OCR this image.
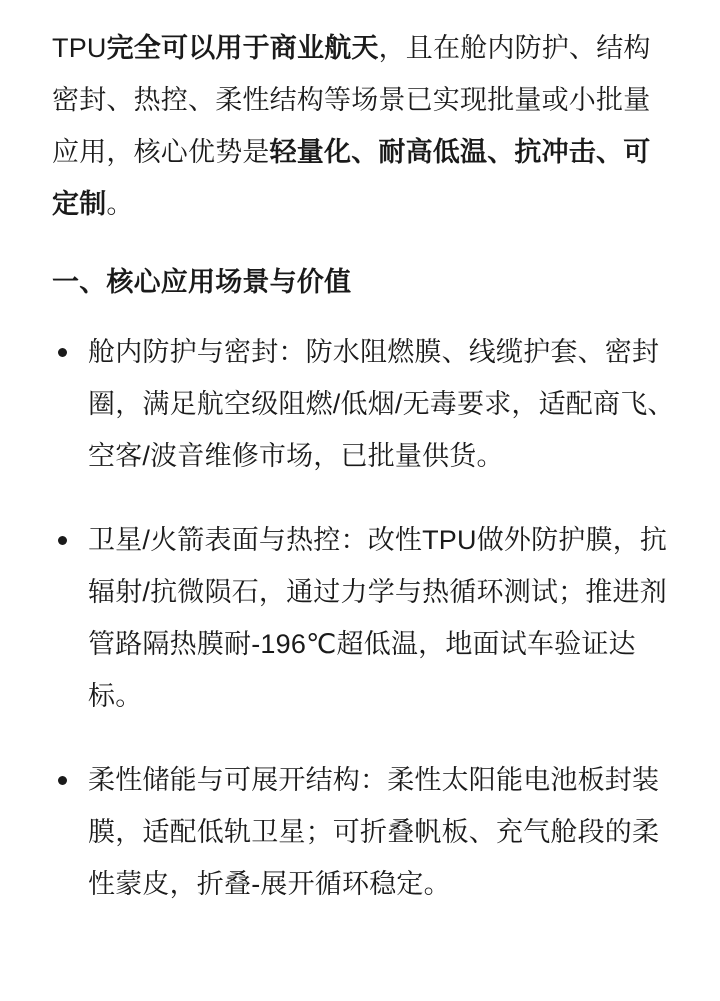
TPU完全可以用于商业航天，且在舱内防护、结构密封、热控、柔性结构等场景已实现批量或小批量应用，核心优势是轻量化、耐高低温、抗冲击、可定制。

一、核心应用场景与价值
舱内防护与密封：防水阻燃膜、线缆护套、密封圈，满足航空级阻燃/低烟/无毒要求，适配商飞、空客/波音维修市场，已批量供货。
卫星/火箭表面与热控：改性TPU做外防护膜，抗辐射/抗微陨石，通过力学与热循环测试；推进剂管路隔热膜耐-196℃超低温，地面试车验证达标。
柔性储能与可展开结构：柔性太阳能电池板封装膜，适配低轨卫星；可折叠帆板、充气舱段的柔性蒙皮，折叠-展开循环稳定。
